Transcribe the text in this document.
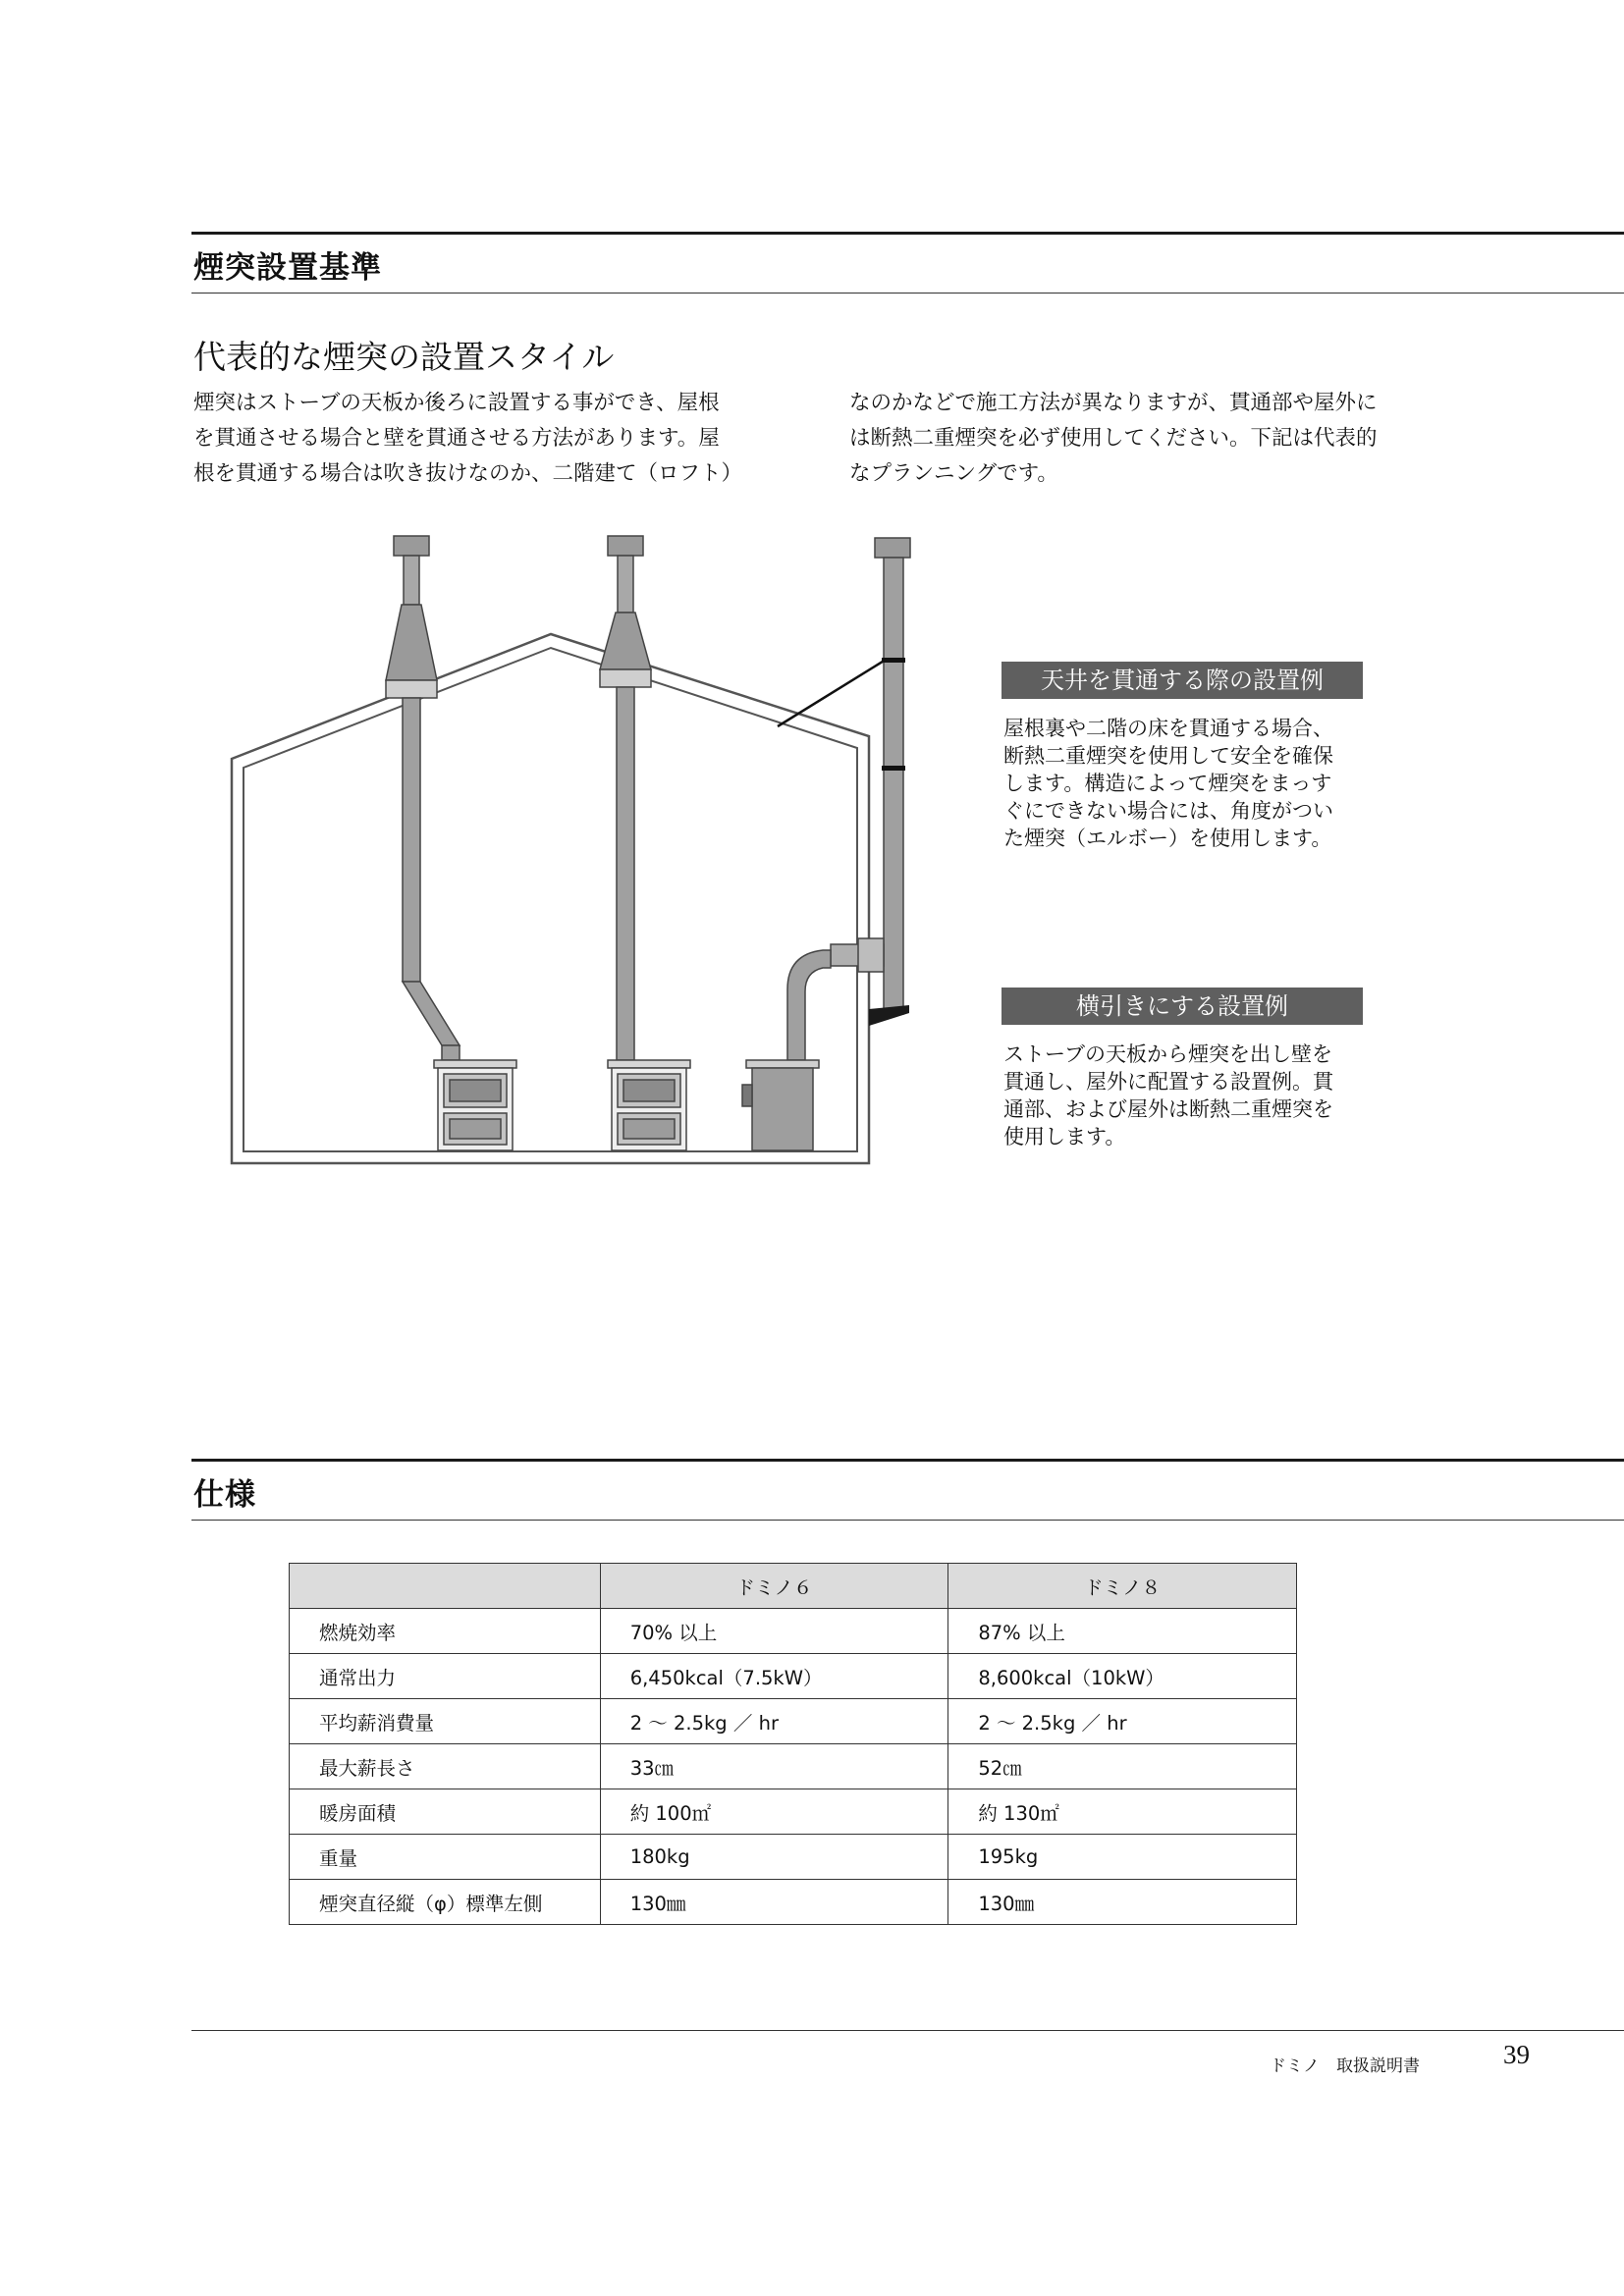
煙突設置基準
代表的な煙突の設置スタイル

煙突はストーブの天板か後ろに設置する事ができ、屋根
を貫通させる場合と壁を貫通させる方法があります。屋
根を貫通する場合は吹き抜けなのか、二階建て（ロフト）

なのかなどで施工方法が異なりますが、貫通部や屋外に
は断熱二重煙突を必ず使用してください。下記は代表的
なプランニングです。

天井を貫通する際の設置例

屋根裏や二階の床を貫通する場合、
断熱二重煙突を使用して安全を確保
します。構造によって煙突をまっす
ぐにできない場合には、角度がつい
た煙突（エルボー）を使用します。

横引きにする設置例

ストーブの天板から煙突を出し壁を
貫通し、屋外に配置する設置例。貫
通部、および屋外は断熱二重煙突を
使用します。

仕様
	ドミノ６	ドミノ８
燃焼効率	70% 以上	87% 以上
通常出力	6,450kcal（7.5kW）	8,600kcal（10kW）
平均薪消費量	2 ～ 2.5kg ／ hr	2 ～ 2.5kg ／ hr
最大薪長さ	33㎝	52㎝
暖房面積	約 100㎡	約 130㎡
重量	180kg	195kg
煙突直径縦（φ）標準左側	130㎜	130㎜
ドミノ　取扱説明書	39
